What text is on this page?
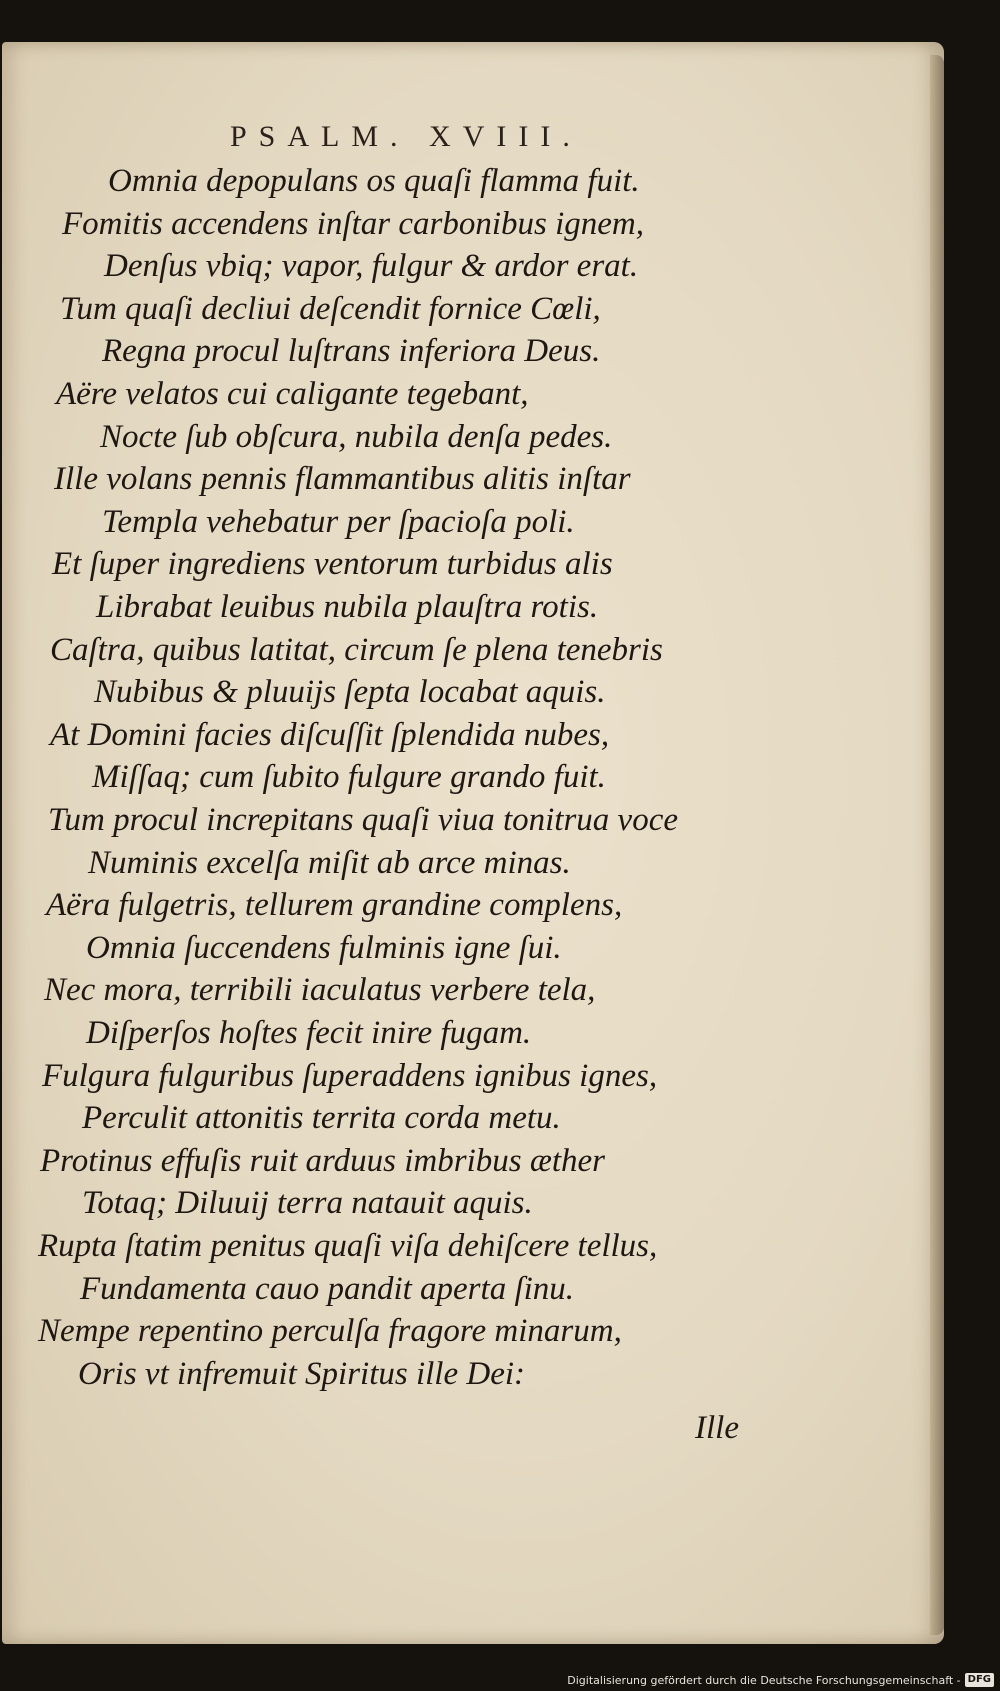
PSALM. XVIII.
Omnia depopulans os quaſi flamma fuit.
Fomitis accendens inſtar carbonibus ignem,
Denſus vbiq; vapor, fulgur & ardor erat.
Tum quaſi decliui deſcendit fornice Cœli,
Regna procul luſtrans inferiora Deus.
Aëre velatos cui caligante tegebant,
Nocte ſub obſcura, nubila denſa pedes.
Ille volans pennis flammantibus alitis inſtar
Templa vehebatur per ſpacioſa poli.
Et ſuper ingrediens ventorum turbidus alis
Librabat leuibus nubila plauſtra rotis.
Caſtra, quibus latitat, circum ſe plena tenebris
Nubibus & pluuijs ſepta locabat aquis.
At Domini facies diſcuſſit ſplendida nubes,
Miſſaq; cum ſubito fulgure grando fuit.
Tum procul increpitans quaſi viua tonitrua voce
Numinis excelſa miſit ab arce minas.
Aëra fulgetris, tellurem grandine complens,
Omnia ſuccendens fulminis igne ſui.
Nec mora, terribili iaculatus verbere tela,
Diſperſos hoſtes fecit inire fugam.
Fulgura fulguribus ſuperaddens ignibus ignes,
Perculit attonitis territa corda metu.
Protinus effuſis ruit arduus imbribus æther
Totaq; Diluuij terra natauit aquis.
Rupta ſtatim penitus quaſi viſa dehiſcere tellus,
Fundamenta cauo pandit aperta ſinu.
Nempe repentino perculſa fragore minarum,
Oris vt infremuit Spiritus ille Dei:
Ille
Digitalisierung gefördert durch die Deutsche Forschungsgemeinschaft - DFG
